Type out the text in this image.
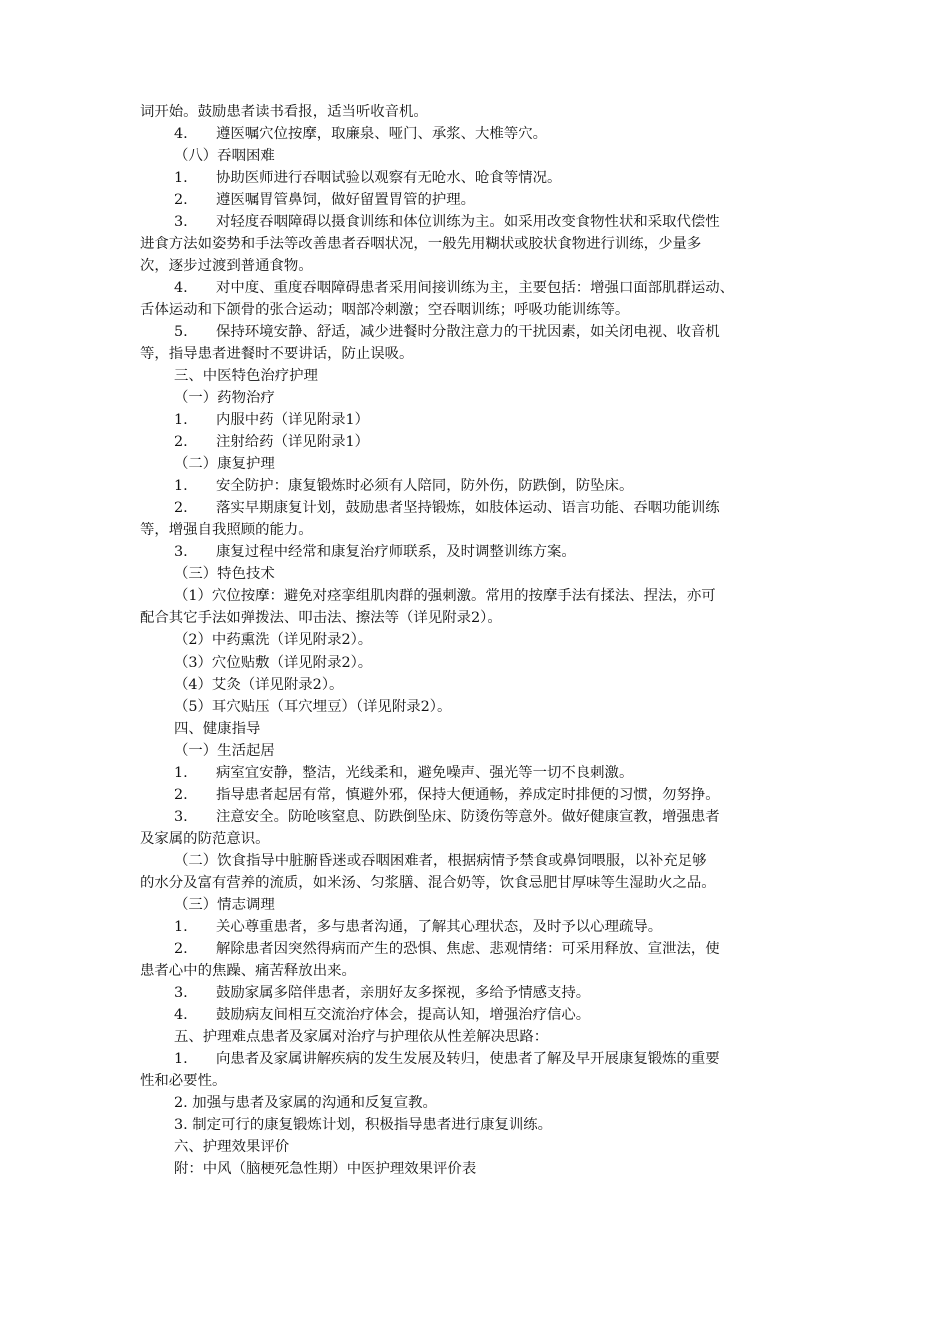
词开始。鼓励患者读书看报，适当听收音机。
4. 遵医嘱穴位按摩，取廉泉、哑门、承浆、大椎等穴。
（八）吞咽困难
1. 协助医师进行吞咽试验以观察有无呛水、呛食等情况。
2. 遵医嘱胃管鼻饲，做好留置胃管的护理。
3. 对轻度吞咽障碍以摄食训练和体位训练为主。如采用改变食物性状和采取代偿性
进食方法如姿势和手法等改善患者吞咽状况，一般先用糊状或胶状食物进行训练，少量多
次，逐步过渡到普通食物。
4. 对中度、重度吞咽障碍患者采用间接训练为主，主要包括：增强口面部肌群运动、
舌体运动和下颌骨的张合运动；咽部冷刺激；空吞咽训练；呼吸功能训练等。
5. 保持环境安静、舒适，减少进餐时分散注意力的干扰因素，如关闭电视、收音机
等，指导患者进餐时不要讲话，防止误吸。
三、中医特色治疗护理
（一）药物治疗
1. 内服中药（详见附录1）
2. 注射给药（详见附录1）
（二）康复护理
1. 安全防护：康复锻炼时必须有人陪同，防外伤，防跌倒，防坠床。
2. 落实早期康复计划，鼓励患者坚持锻炼，如肢体运动、语言功能、吞咽功能训练
等，增强自我照顾的能力。
3. 康复过程中经常和康复治疗师联系，及时调整训练方案。
（三）特色技术
（1）穴位按摩：避免对痉挛组肌肉群的强刺激。常用的按摩手法有揉法、捏法，亦可
配合其它手法如弹拨法、叩击法、擦法等（详见附录2）。
（2）中药熏洗（详见附录2）。
（3）穴位贴敷（详见附录2）。
（4）艾灸（详见附录2）。
（5）耳穴贴压（耳穴埋豆）（详见附录2）。
四、健康指导
（一）生活起居
1. 病室宜安静，整洁，光线柔和，避免噪声、强光等一切不良刺激。
2. 指导患者起居有常，慎避外邪，保持大便通畅，养成定时排便的习惯，勿努挣。
3. 注意安全。防呛咳窒息、防跌倒坠床、防烫伤等意外。做好健康宣教，增强患者
及家属的防范意识。
（二）饮食指导中脏腑昏迷或吞咽困难者，根据病情予禁食或鼻饲喂服，以补充足够
的水分及富有营养的流质，如米汤、匀浆膳、混合奶等，饮食忌肥甘厚味等生湿助火之品。
（三）情志调理
1. 关心尊重患者，多与患者沟通，了解其心理状态，及时予以心理疏导。
2. 解除患者因突然得病而产生的恐惧、焦虑、悲观情绪：可采用释放、宣泄法，使
患者心中的焦躁、痛苦释放出来。
3. 鼓励家属多陪伴患者，亲朋好友多探视，多给予情感支持。
4. 鼓励病友间相互交流治疗体会，提高认知，增强治疗信心。
五、护理难点患者及家属对治疗与护理依从性差解决思路：
1. 向患者及家属讲解疾病的发生发展及转归，使患者了解及早开展康复锻炼的重要
性和必要性。
2. 加强与患者及家属的沟通和反复宣教。
3. 制定可行的康复锻炼计划，积极指导患者进行康复训练。
六、护理效果评价
附：中风（脑梗死急性期）中医护理效果评价表
